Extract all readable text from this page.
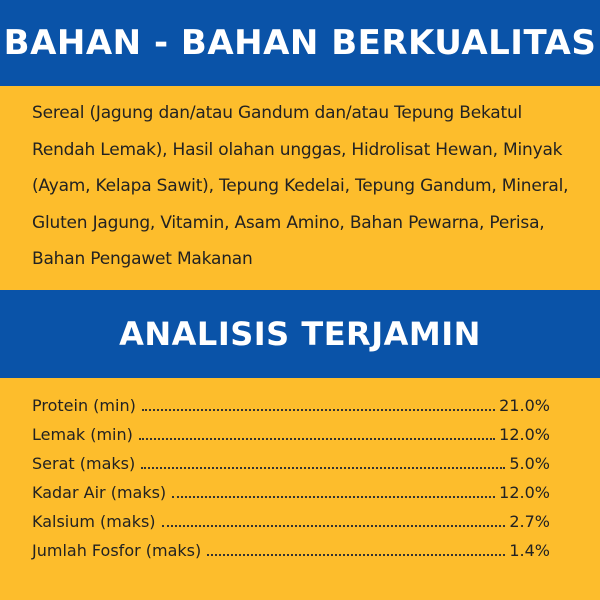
BAHAN - BAHAN BERKUALITAS
Sereal (Jagung dan/atau Gandum dan/atau Tepung Bekatul Rendah Lemak), Hasil olahan unggas, Hidrolisat Hewan, Minyak (Ayam, Kelapa Sawit), Tepung Kedelai, Tepung Gandum, Mineral, Gluten Jagung, Vitamin, Asam Amino, Bahan Pewarna, Perisa, Bahan Pengawet Makanan
ANALISIS TERJAMIN
Protein (min)	21.0%
Lemak (min)	12.0%
Serat (maks)	5.0%
Kadar Air (maks)	12.0%
Kalsium (maks)	2.7%
Jumlah Fosfor (maks)	1.4%
